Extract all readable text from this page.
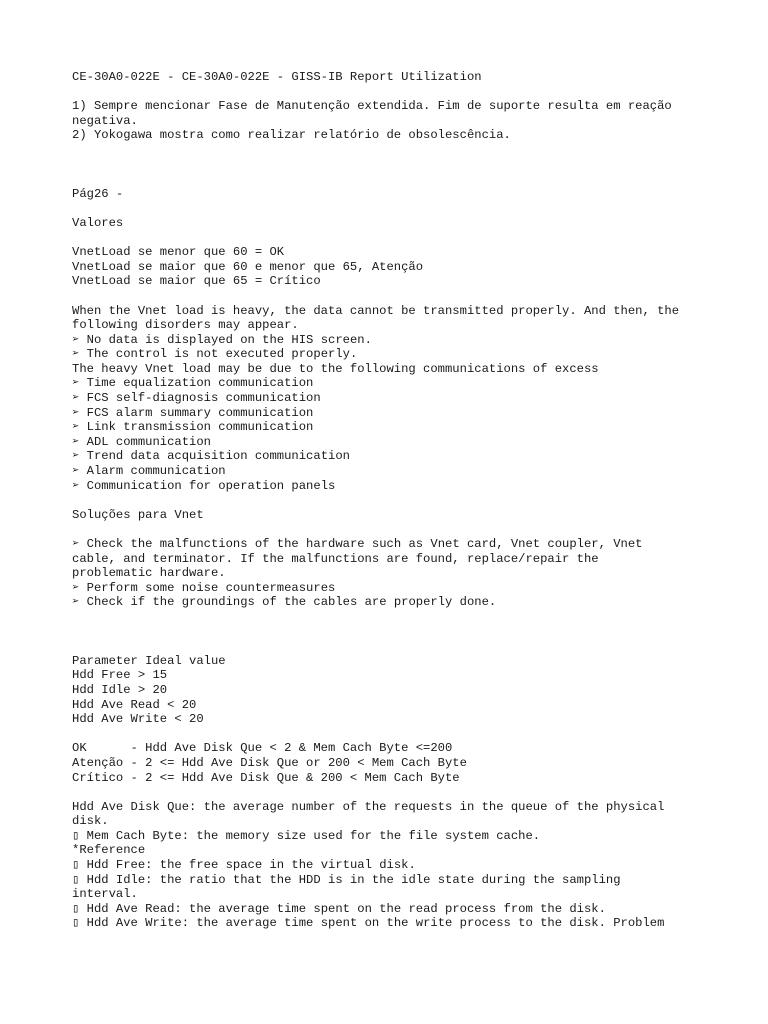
CE-30A0-022E - CE-30A0-022E - GISS-IB Report Utilization
1) Sempre mencionar Fase de Manutenção extendida. Fim de suporte resulta em reação
negativa.
2) Yokogawa mostra como realizar relatório de obsolescência.
Pág26 -
Valores
VnetLoad se menor que 60 = OK
VnetLoad se maior que 60 e menor que 65, Atenção
VnetLoad se maior que 65 = Crítico
When the Vnet load is heavy, the data cannot be transmitted properly. And then, the
following disorders may appear.
➢ No data is displayed on the HIS screen.
➢ The control is not executed properly.
The heavy Vnet load may be due to the following communications of excess
➢ Time equalization communication
➢ FCS self-diagnosis communication
➢ FCS alarm summary communication
➢ Link transmission communication
➢ ADL communication
➢ Trend data acquisition communication
➢ Alarm communication
➢ Communication for operation panels
Soluções para Vnet
➢ Check the malfunctions of the hardware such as Vnet card, Vnet coupler, Vnet
cable, and terminator. If the malfunctions are found, replace/repair the
problematic hardware.
➢ Perform some noise countermeasures
➢ Check if the groundings of the cables are properly done.
Parameter Ideal value
Hdd Free > 15
Hdd Idle > 20
Hdd Ave Read < 20
Hdd Ave Write < 20
OK      - Hdd Ave Disk Que < 2 & Mem Cach Byte <=200
Atenção - 2 <= Hdd Ave Disk Que or 200 < Mem Cach Byte
Crítico - 2 <= Hdd Ave Disk Que & 200 < Mem Cach Byte
Hdd Ave Disk Que: the average number of the requests in the queue of the physical
disk.
▯ Mem Cach Byte: the memory size used for the file system cache.
*Reference
▯ Hdd Free: the free space in the virtual disk.
▯ Hdd Idle: the ratio that the HDD is in the idle state during the sampling
interval.
▯ Hdd Ave Read: the average time spent on the read process from the disk.
▯ Hdd Ave Write: the average time spent on the write process to the disk. Problem
